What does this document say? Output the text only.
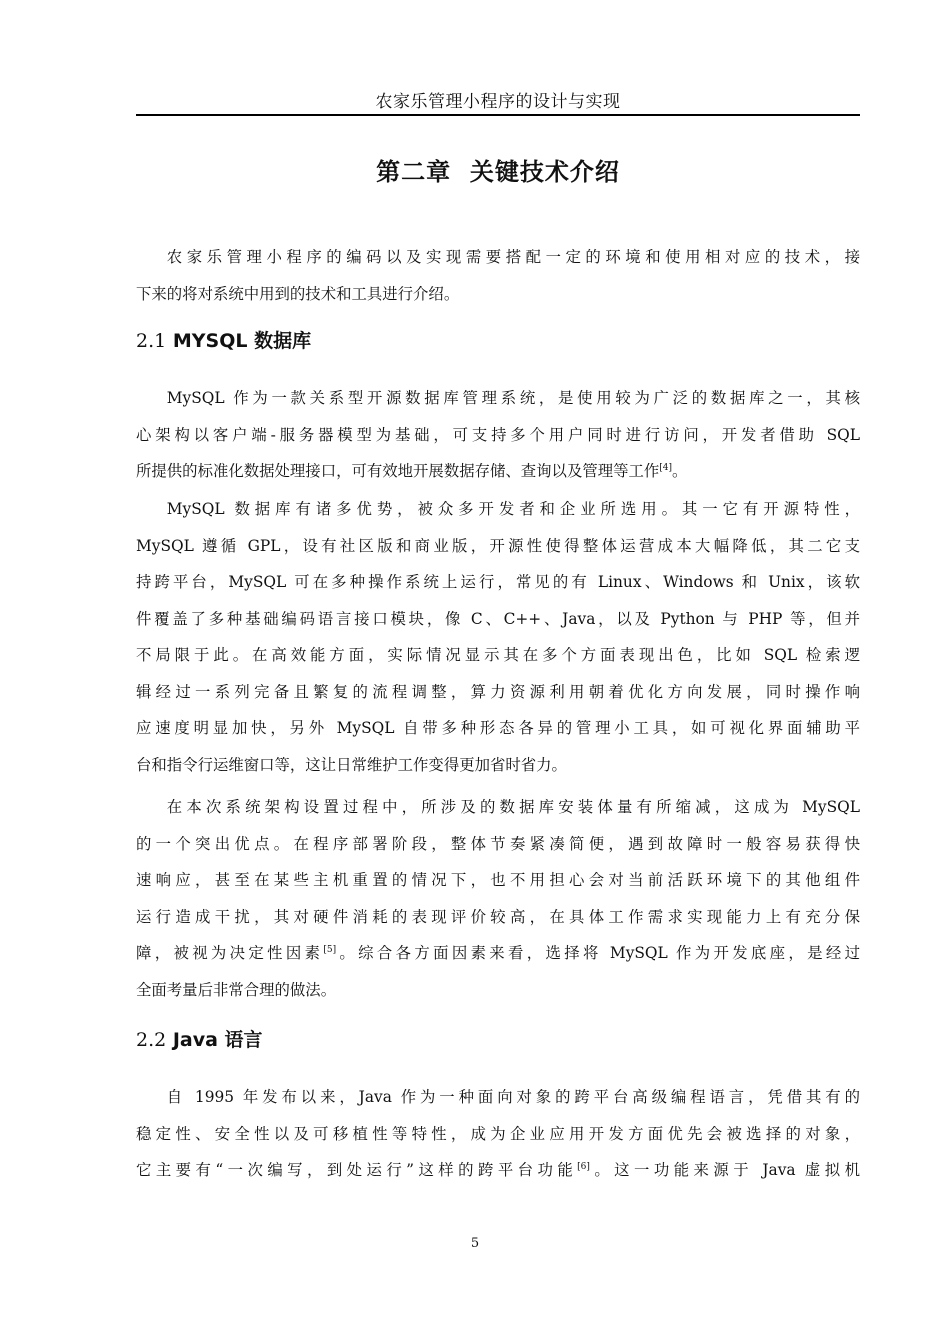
农家乐管理小程序的设计与实现
第二章  关键技术介绍

农家乐管理小程序的编码以及实现需要搭配一定的环境和使用相对应的技术，接
下来的将对系统中用到的技术和工具进行介绍。

2.1 MYSQL 数据库

MySQL 作为一款关系型开源数据库管理系统，是使用较为广泛的数据库之一，其核
心架构以客户端-服务器模型为基础，可支持多个用户同时进行访问，开发者借助 SQL
所提供的标准化数据处理接口，可有效地开展数据存储、查询以及管理等工作[4]。

MySQL 数据库有诸多优势，被众多开发者和企业所选用。其一它有开源特性，
MySQL 遵循 GPL，设有社区版和商业版，开源性使得整体运营成本大幅降低，其二它支
持跨平台，MySQL 可在多种操作系统上运行，常见的有 Linux、Windows 和 Unix，该软
件覆盖了多种基础编码语言接口模块，像 C、C++、Java，以及 Python 与 PHP 等，但并
不局限于此。在高效能方面，实际情况显示其在多个方面表现出色，比如 SQL 检索逻
辑经过一系列完备且繁复的流程调整，算力资源利用朝着优化方向发展，同时操作响
应速度明显加快，另外 MySQL 自带多种形态各异的管理小工具，如可视化界面辅助平
台和指令行运维窗口等，这让日常维护工作变得更加省时省力。

在本次系统架构设置过程中，所涉及的数据库安装体量有所缩减，这成为 MySQL
的一个突出优点。在程序部署阶段，整体节奏紧凑简便，遇到故障时一般容易获得快
速响应，甚至在某些主机重置的情况下，也不用担心会对当前活跃环境下的其他组件
运行造成干扰，其对硬件消耗的表现评价较高，在具体工作需求实现能力上有充分保
障，被视为决定性因素[5]。综合各方面因素来看，选择将 MySQL 作为开发底座，是经过
全面考量后非常合理的做法。

2.2 Java 语言

自 1995 年发布以来，Java 作为一种面向对象的跨平台高级编程语言，凭借其有的
稳定性、安全性以及可移植性等特性，成为企业应用开发方面优先会被选择的对象，
它主要有“一次编写，到处运行”这样的跨平台功能[6]。这一功能来源于 Java 虚拟机

5
